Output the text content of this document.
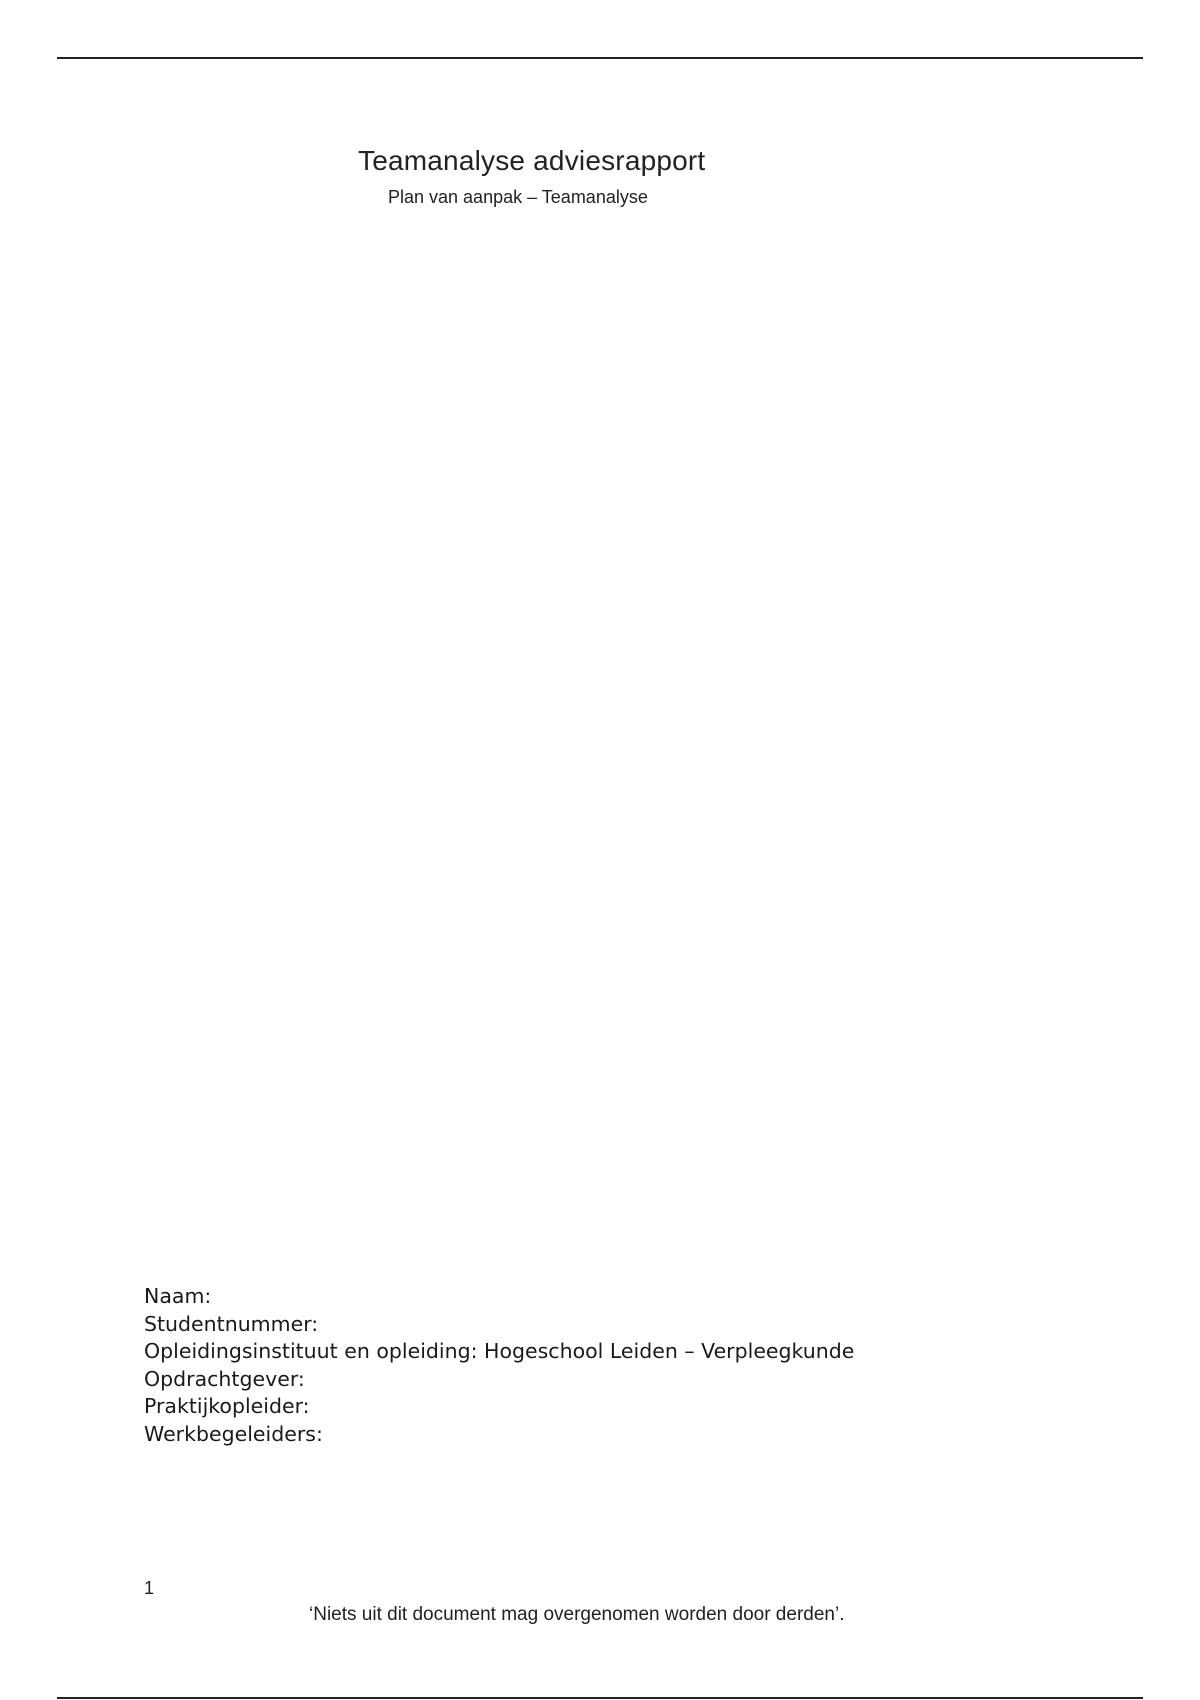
Teamanalyse adviesrapport
Plan van aanpak – Teamanalyse
Naam:
Studentnummer:
Opleidingsinstituut en opleiding: Hogeschool Leiden – Verpleegkunde
Opdrachtgever:
Praktijkopleider:
Werkbegeleiders:
1
‘Niets uit dit document mag overgenomen worden door derden’.
